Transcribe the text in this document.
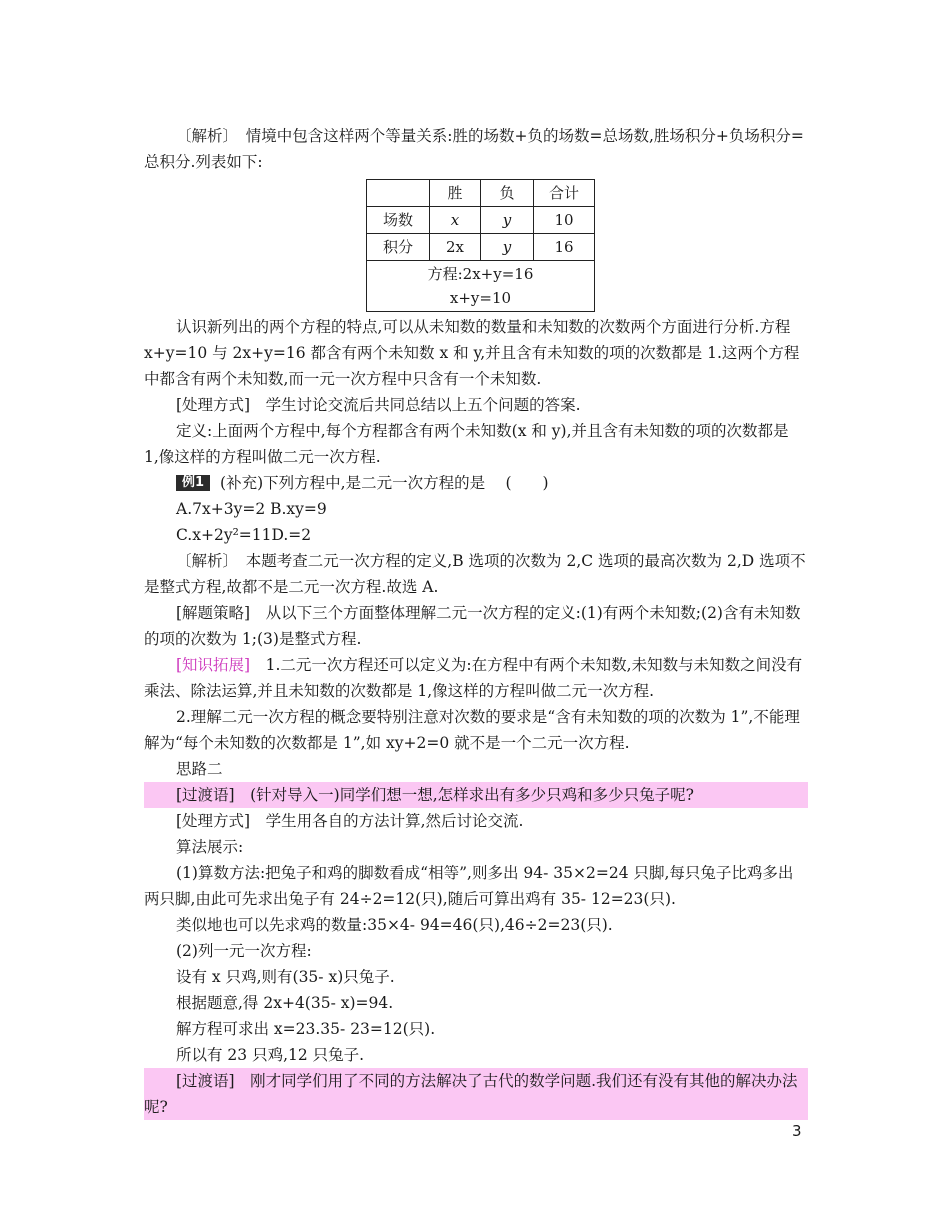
〔解析〕　 情境中包含这样两个等量关系:胜的场数+负的场数=总场数,胜场积分+负场积分=总积分.列表如下:

	胜	负	合计
场数	x	y	10
积分	2x	y	16

方程:2x+y=16
x+y=10			

认识新列出的两个方程的特点,可以从未知数的数量和未知数的次数两个方面进行分析.方程 x+y=10 与 2x+y=16 都含有两个未知数 x 和 y,并且含有未知数的项的次数都是 1.这两个方程中都含有两个未知数,而一元一次方程中只含有一个未知数.

[处理方式]　 学生讨论交流后共同总结以上五个问题的答案.

定义:上面两个方程中,每个方程都含有两个未知数(x 和 y),并且含有未知数的项的次数都是 1,像这样的方程叫做二元一次方程.

例1 (补充)下列方程中,是二元一次方程的是　 (　　)

A.7x+3y=2 B.xy=9

C.x+2y²=11D.=2

〔解析〕　 本题考查二元一次方程的定义,B 选项的次数为 2,C 选项的最高次数为 2,D 选项不是整式方程,故都不是二元一次方程.故选 A.

[解题策略]　 从以下三个方面整体理解二元一次方程的定义:(1)有两个未知数;(2)含有未知数的项的次数为 1;(3)是整式方程.

[知识拓展]　 1.二元一次方程还可以定义为:在方程中有两个未知数,未知数与未知数之间没有乘法、除法运算,并且未知数的次数都是 1,像这样的方程叫做二元一次方程.

2.理解二元一次方程的概念要特别注意对次数的要求是“含有未知数的项的次数为 1”,不能理解为“每个未知数的次数都是 1”,如 xy+2=0 就不是一个二元一次方程.

思路二

[过渡语]　 (针对导入一)同学们想一想,怎样求出有多少只鸡和多少只兔子呢?

[处理方式]　 学生用各自的方法计算,然后讨论交流.

算法展示:

(1)算数方法:把兔子和鸡的脚数看成“相等”,则多出 94- 35×2=24 只脚,每只兔子比鸡多出两只脚,由此可先求出兔子有 24÷2=12(只),随后可算出鸡有 35- 12=23(只).

类似地也可以先求鸡的数量:35×4- 94=46(只),46÷2=23(只).

(2)列一元一次方程:

设有 x 只鸡,则有(35- x)只兔子.

根据题意,得 2x+4(35- x)=94.

解方程可求出 x=23.35- 23=12(只).

所以有 23 只鸡,12 只兔子.

[过渡语]　 刚才同学们用了不同的方法解决了古代的数学问题.我们还有没有其他的解决办法呢?

3
